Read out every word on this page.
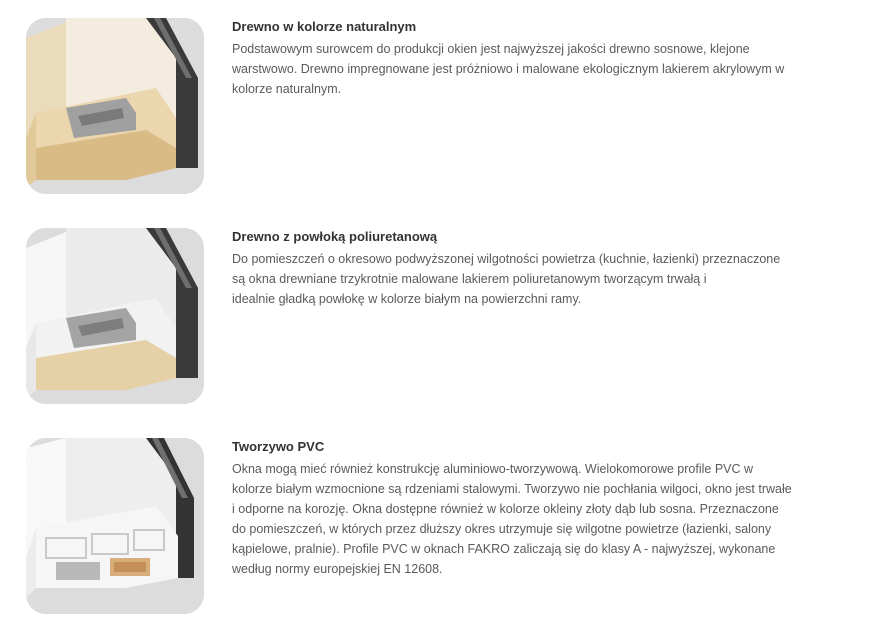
Drewno w kolorze naturalnym

Podstawowym surowcem do produkcji okien jest najwyższej jakości drewno sosnowe, klejone
warstwowo. Drewno impregnowane jest próżniowo i malowane ekologicznym lakierem akrylowym w
kolorze naturalnym.

Drewno z powłoką poliuretanową

Do pomieszczeń o okresowo podwyższonej wilgotności powietrza (kuchnie, łazienki) przeznaczone
są okna drewniane trzykrotnie malowane lakierem poliuretanowym tworzącym trwałą i
idealnie gładką powłokę w kolorze białym na powierzchni ramy.

Tworzywo PVC

Okna mogą mieć również konstrukcję aluminiowo-tworzywową. Wielokomorowe profile PVC w
kolorze białym wzmocnione są rdzeniami stalowymi. Tworzywo nie pochłania wilgoci, okno jest trwałe
i odporne na korozję. Okna dostępne również w kolorze okleiny złoty dąb lub sosna. Przeznaczone
do pomieszczeń, w których przez dłuższy okres utrzymuje się wilgotne powietrze (łazienki, salony
kąpielowe, pralnie). Profile PVC w oknach FAKRO zaliczają się do klasy A - najwyższej, wykonane
według normy europejskiej EN 12608.
